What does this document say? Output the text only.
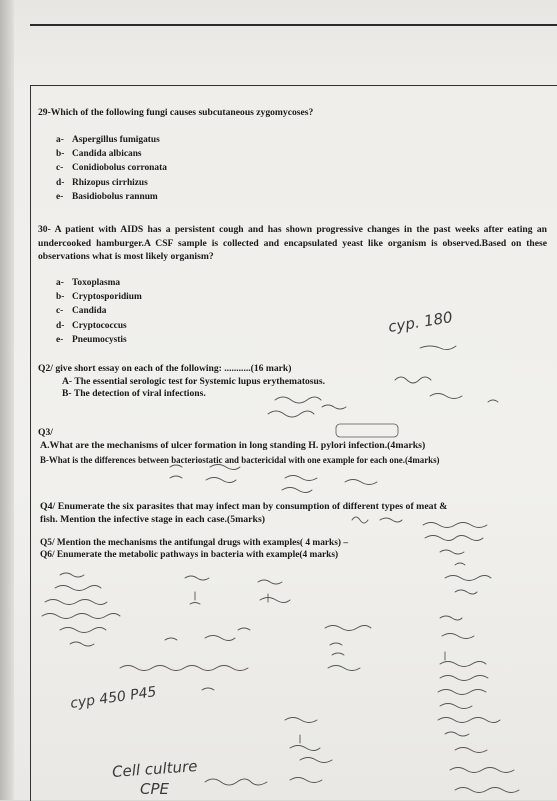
29-Which of the following fungi causes subcutaneous zygomycoses?
a- Aspergillus fumigatus
b- Candida albicans
c- Conidiobolus corronata
d- Rhizopus cirrhizus
e- Basidiobolus rannum
30- A patient with AIDS has a persistent cough and has shown progressive changes in the past weeks after eating an undercooked hamburger.A CSF sample is collected and encapsulated yeast like organism is observed.Based on these observations what is most likely organism?
a- Toxoplasma
b- Cryptosporidium
c- Candida
d- Cryptococcus
e- Pneumocystis
Q2/ give short essay on each of the following: ...........(16 mark)
A- The essential serologic test for Systemic lupus erythematosus.
B- The detection of viral infections.
Q3/
A.What are the mechanisms of ulcer formation in long standing H. pylori infection.(4marks)
B-What is the differences between bacteriostatic and bactericidal with one example for each one.(4marks)
Q4/ Enumerate the six parasites that may infect man by consumption of different types of meat &
fish. Mention the infective stage in each case.(5marks)
Q5/ Mention the mechanisms the antifungal drugs with examples( 4 marks) –
Q6/ Enumerate the metabolic pathways in bacteria with example(4 marks)
cyp. 180
cyp 450 P45
Cell culture
CPE
